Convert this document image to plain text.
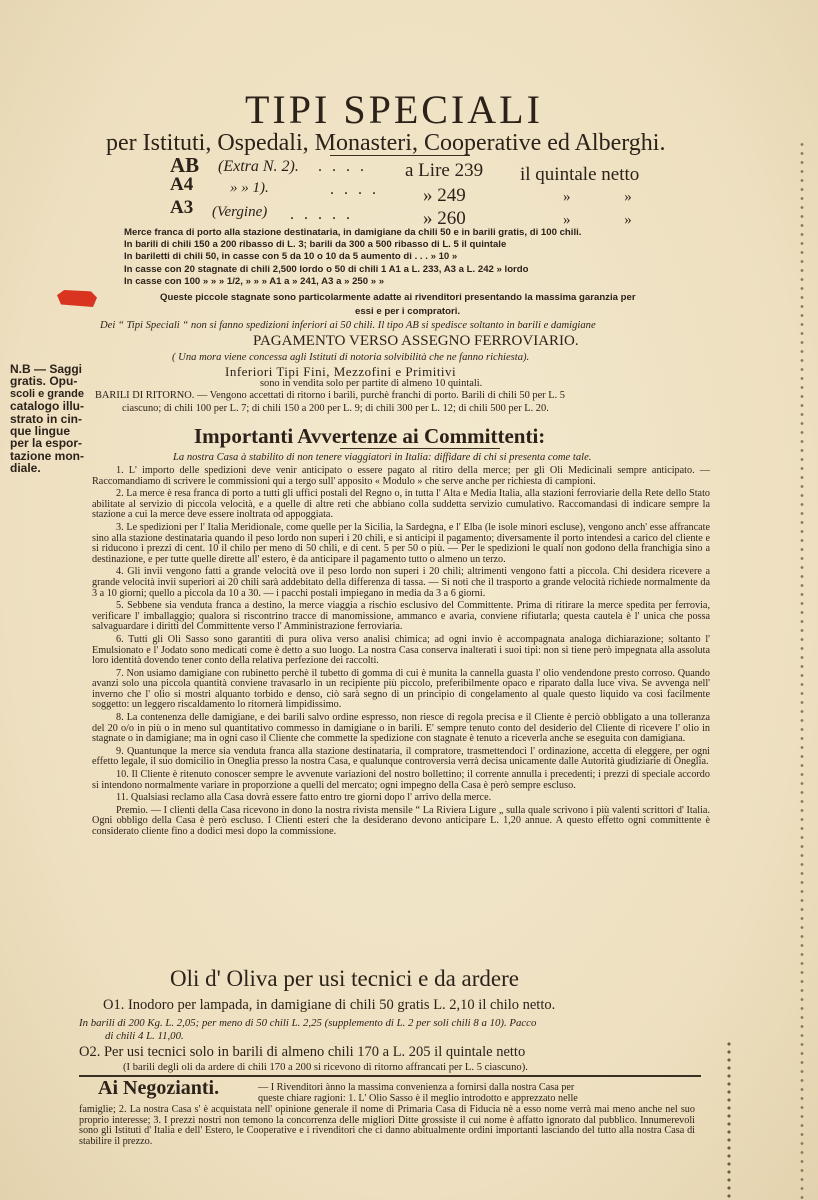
TIPI SPECIALI
per Istituti, Ospedali, Monasteri, Cooperative ed Alberghi.
AB (Extra N. 2). . . . . a Lire 239 il quintale netto
A4 » » 1).	. . . . » 249	» »
A3 (Vergine) . . . . .	» 260	» »
Merce franca di porto alla stazione destinataria, in damigiane da chili 50 e in barili gratis, di 100 chili.
In barili di chili 150 a 200 ribasso di L. 3; barili da 300 a 500 ribasso di L. 5 il quintale
In bariletti di chili 50, in casse con 5 da 10 o 10 da 5 aumento di . . . » 10 »
In casse con 20 stagnate di chili 2,500 lordo o 50 di chili 1 A1 a L. 233, A3 a L. 242 » lordo
In casse con 100 » » » 1/2, » » » A1 a » 241, A3 a » 250 » »
Queste piccole stagnate sono particolarmente adatte ai rivenditori presentando la massima garanzia per
essi e per i compratori.
Dei “ Tipi Speciali “ non si fanno spedizioni inferiori ai 50 chili. Il tipo AB si spedisce soltanto in barili e damigiane
PAGAMENTO VERSO ASSEGNO FERROVIARIO.
( Una mora viene concessa agli Istituti di notoria solvibilità che ne fanno richiesta).
Inferiori Tipi Fini, Mezzofini e Primitivi
sono in vendita solo per partite di almeno 10 quintali.
BARILI DI RITORNO. — Vengono accettati di ritorno i barili, purchè franchi di porto. Barili di chili 50 per L. 5
ciascuno; di chili 100 per L. 7; di chili 150 a 200 per L. 9; di chili 300 per L. 12; di chili 500 per L. 20.
N.B — Saggi
gratis. Opu-
scoli e grande
catalogo illu-
strato in cin-
que lingue
per la espor-
tazione mon-
diale.
Importanti Avvertenze ai Committenti:
La nostra Casa à stabilito di non tenere viaggiatori in Italia: diffidare di chi si presenta come tale.

1. L' importo delle spedizioni deve venir anticipato o essere pagato al ritiro della merce; per gli Oli Medicinali sempre anticipato. — Raccomandiamo di scrivere le commissioni qui a tergo sull' apposito « Modulo » che serve anche per richiesta di campioni.

2. La merce è resa franca di porto a tutti gli uffici postali del Regno o, in tutta l' Alta e Media Italia, alla stazioni ferroviarie della Rete dello Stato abilitate al servizio di piccola velocità, e a quelle di altre reti che abbiano colla suddetta servizio cumulativo. Raccomandasi di indicare sempre la stazione a cui la merce deve essere inoltrata od appoggiata.

3. Le spedizioni per l' Italia Meridionale, come quelle per la Sicilia, la Sardegna, e l' Elba (le isole minori escluse), vengono anch' esse affrancate sino alla stazione destinataria quando il peso lordo non superi i 20 chili, e si anticipi il pagamento; diversamente il porto intendesi a carico del cliente e si riducono i prezzi di cent. 10 il chilo per meno di 50 chili, e di cent. 5 per 50 o più. — Per le spedizioni le quali non godono della franchigia sino a destinazione, e per tutte quelle dirette all' estero, è da anticipare il pagamento tutto o almeno un terzo.

4. Gli invii vengono fatti a grande velocità ove il peso lordo non superi i 20 chili; altrimenti vengono fatti a piccola. Chi desidera ricevere a grande velocità invii superiori ai 20 chili sarà addebitato della differenza di tassa. — Si noti che il trasporto a grande velocità richiede normalmente da 3 a 10 giorni; quello a piccola da 10 a 30. — i pacchi postali impiegano in media da 3 a 6 giorni.

5. Sebbene sia venduta franca a destino, la merce viaggia a rischio esclusivo del Committente. Prima di ritirare la merce spedita per ferrovia, verificare l' imballaggio; qualora si riscontrino tracce di manomissione, ammanco e avaria, conviene rifiutarla; questa cautela è l' unica che possa salvaguardare i diritti del Committente verso l' Amministrazione ferroviaria.

6. Tutti gli Oli Sasso sono garantiti di pura oliva verso analisi chimica; ad ogni invio è accompagnata analoga dichiarazione; soltanto l' Emulsionato e l' Jodato sono medicati come è detto a suo luogo. La nostra Casa conserva inalterati i suoi tipi: non si tiene però impegnata alla assoluta loro identità dovendo tener conto della relativa perfezione dei raccolti.

7. Non usiamo damigiane con rubinetto perchè il tubetto di gomma di cui è munita la cannella guasta l' olio vendendone presto corroso. Quando avanzi solo una piccola quantità conviene travasarlo in un recipiente più piccolo, preferibilmente opaco e riparato dalla luce viva. Se avvenga nell' inverno che l' olio si mostri alquanto torbido e denso, ciò sarà segno di un principio di congelamento al quale questo liquido va così facilmente soggetto: un leggero riscaldamento lo ritornerà limpidissimo.

8. La contenenza delle damigiane, e dei barili salvo ordine espresso, non riesce di regola precisa e il Cliente è perciò obbligato a una tolleranza del 20 o/o in più o in meno sul quantitativo commesso in damigiane o in barili. E' sempre tenuto conto del desiderio del Cliente di ricevere l' olio in stagnate o in damigiane; ma in ogni caso il Cliente che commette la spedizione con stagnate è tenuto a riceverla anche se eseguita con damigiana.

9. Quantunque la merce sia venduta franca alla stazione destinataria, il compratore, trasmettendoci l' ordinazione, accetta di eleggere, per ogni effetto legale, il suo domicilio in Oneglia presso la nostra Casa, e qualunque controversia verrà decisa unicamente dalle Autorità giudiziarie di Oneglia.

10. Il Cliente è ritenuto conoscer sempre le avvenute variazioni del nostro bollettino; il corrente annulla i precedenti; i prezzi di speciale accordo si intendono normalmente variare in proporzione a quelli del mercato; ogni impegno della Casa è però sempre escluso.

11. Qualsiasi reclamo alla Casa dovrà essere fatto entro tre giorni dopo l' arrivo della merce.

Premio. — I clienti della Casa ricevono in dono la nostra rivista mensile “ La Riviera Ligure „ sulla quale scrivono i più valenti scrittori d' Italia. Ogni obbligo della Casa è però escluso. I Clienti esteri che la desiderano devono anticipare L. 1,20 annue. A questo effetto ogni committente è considerato cliente fino a dodici mesi dopo la commissione.

Oli d' Oliva per usi tecnici e da ardere
O1. Inodoro per lampada, in damigiane di chili 50 gratis L. 2,10 il chilo netto.
In barili di 200 Kg. L. 2,05; per meno di 50 chili L. 2,25 (supplemento di L. 2 per soli chili 8 a 10). Pacco
di chili 4 L. 11,00.
O2. Per usi tecnici solo in barili di almeno chili 170 a L. 205 il quintale netto
(I barili degli oli da ardere di chili 170 a 200 si ricevono di ritorno affrancati per L. 5 ciascuno).
Ai Negozianti.	— I Rivenditori ànno la massima convenienza a fornirsi dalla nostra Casa per
queste chiare ragioni: 1. L' Olio Sasso è il meglio introdotto e apprezzato nelle
famiglie; 2. La nostra Casa s' è acquistata nell' opinione generale il nome di Primaria Casa di Fiducia nè a esso nome verrà mai meno anche nel suo proprio interesse; 3. I prezzi nostri non temono la concorrenza delle migliori Ditte grossiste il cui nome è affatto ignorato dal pubblico. Innumerevoli sono gli Istituti d' Italia e dell' Estero, le Cooperative e i rivenditori che ci danno abitualmente ordini importanti lasciando del tutto alla nostra Casa di stabilire il prezzo.
